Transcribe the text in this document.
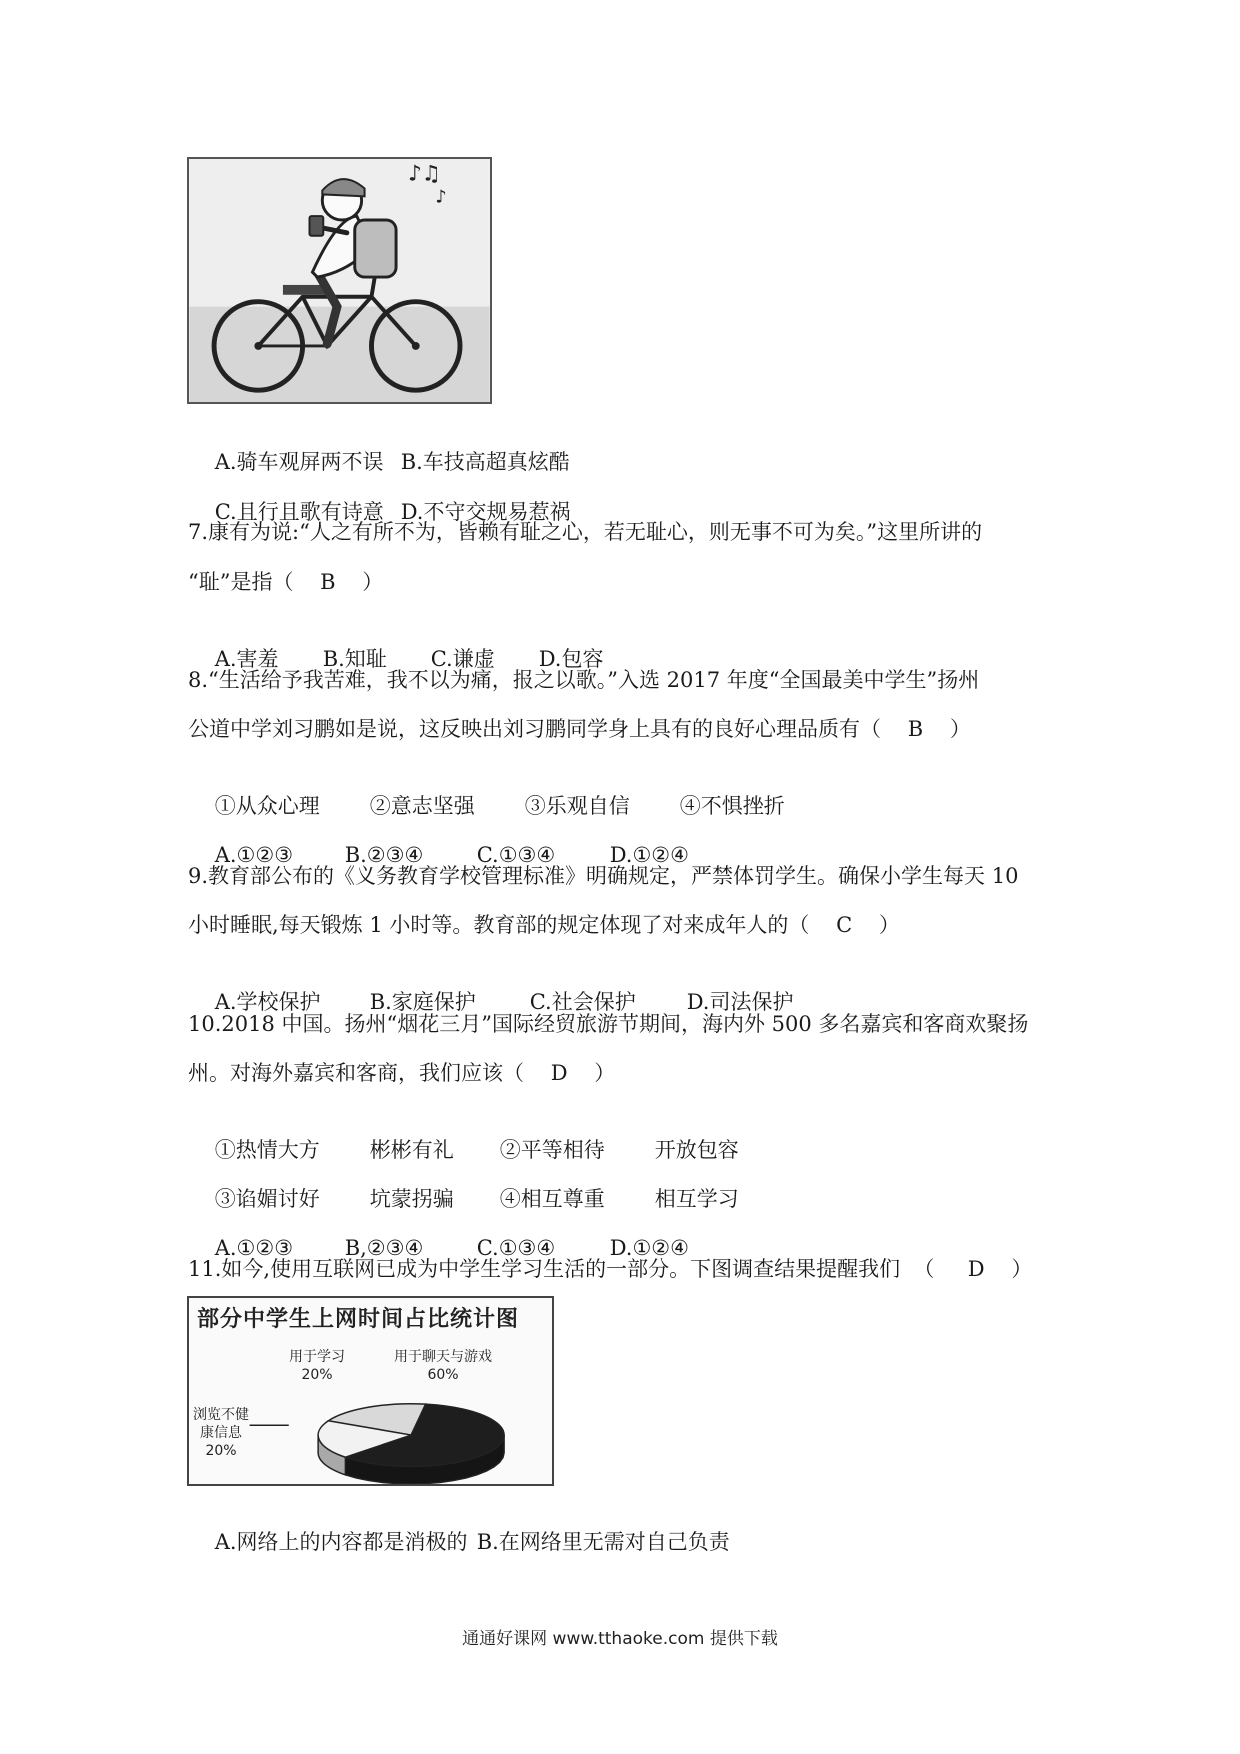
♪♫
♪

A.骑车观屏两不误 B.车技高超真炫酷

C.且行且歌有诗意 D.不守交规易惹祸

7.康有为说:“人之有所不为，皆赖有耻之心，若无耻心，则无事不可为矣。”这里所讲的
“耻”是指（    B    ）

A.害羞 B.知耻 C.谦虚 D.包容

8.“生活给予我苦难，我不以为痛，报之以歌。”入选 2017 年度“全国最美中学生”扬州
公道中学刘习鹏如是说，这反映出刘习鹏同学身上具有的良好心理品质有（    B    ）

①从众心理 ②意志坚强 ③乐观自信 ④不惧挫折

A.①②③ B.②③④	C.①③④	D.①②④

9.教育部公布的《义务教育学校管理标准》明确规定，严禁体罚学生。确保小学生每天 10
小时睡眠,每天锻炼 1 小时等。教育部的规定体现了对来成年人的（    C    ）

A.学校保护 B.家庭保护	C.社会保护 D.司法保护

10.2018 中国。扬州“烟花三月”国际经贸旅游节期间，海内外 500 多名嘉宾和客商欢聚扬
州。对海外嘉宾和客商，我们应该（    D    ）

①热情大方 彬彬有礼 ②平等相待 开放包容

③谄媚讨好 坑蒙拐骗 ④相互尊重 相互学习

A.①②③ B,②③④	C.①③④	D.①②④

11.如今,使用互联网已成为中学生学习生活的一部分。下图调查结果提醒我们  （     D    ）
部分中学生上网时间占比统计图
用于学习
20%
用于聊天与游戏
60%
浏览不健康信息
20%

A.网络上的内容都是消极的 B.在网络里无需对自己负责

通通好课网 www.tthaoke.com 提供下载
